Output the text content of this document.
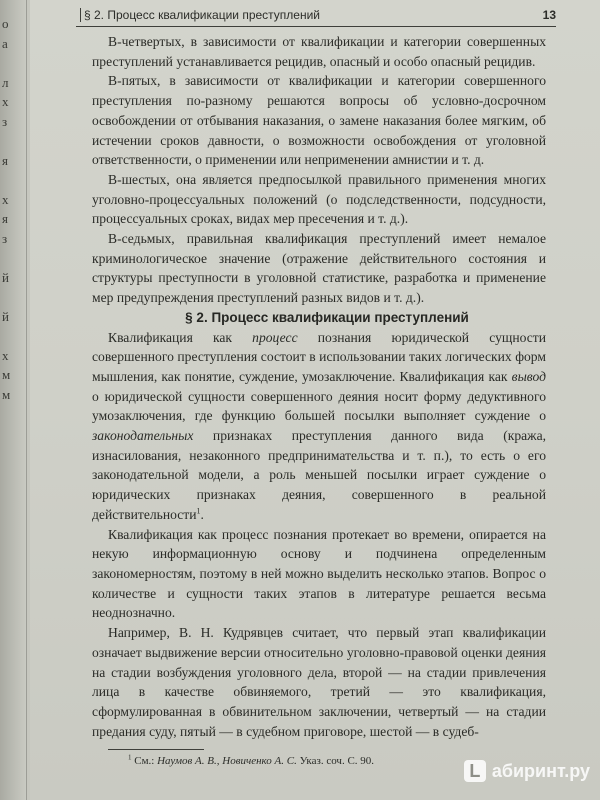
о
а
л
х
з
я
х
я
з
й
й
х
м
м
§ 2. Процесс квалификации преступлений	13

В-четвертых, в зависимости от квалификации и категории совершенных преступлений устанавливается рецидив, опасный и особо опасный рецидив.

В-пятых, в зависимости от квалификации и категории совершенного преступления по-разному решаются вопросы об условно-досрочном освобождении от отбывания наказания, о замене наказания более мягким, об истечении сроков давности, о возможности освобождения от уголовной ответственности, о применении или неприменении амнистии и т. д.

В-шестых, она является предпосылкой правильного применения многих уголовно-процессуальных положений (о подследственности, подсудности, процессуальных сроках, видах мер пресечения и т. д.).

В-седьмых, правильная квалификация преступлений имеет немалое криминологическое значение (отражение действительного состояния и структуры преступности в уголовной статистике, разработка и применение мер предупреждения преступлений разных видов и т. д.).

§ 2. Процесс квалификации преступлений

Квалификация как процесс познания юридической сущности совершенного преступления состоит в использовании таких логических форм мышления, как понятие, суждение, умозаключение. Квалификация как вывод о юридической сущности совершенного деяния носит форму дедуктивного умозаключения, где функцию большей посылки выполняет суждение о законодательных признаках преступления данного вида (кража, изнасилования, незаконного предпринимательства и т. п.), то есть о его законодательной модели, а роль меньшей посылки играет суждение о юридических признаках деяния, совершенного в реальной действительности$^1$.

Квалификация как процесс познания протекает во времени, опирается на некую информационную основу и подчинена определенным закономерностям, поэтому в ней можно выделить несколько этапов. Вопрос о количестве и сущности таких этапов в литературе решается весьма неоднозначно.

Например, В. Н. Кудрявцев считает, что первый этап квалификации означает выдвижение версии относительно уголовно-правовой оценки деяния на стадии возбуждения уголовного дела, второй — на стадии привлечения лица в качестве обвиняемого, третий — это квалификация, сформулированная в обвинительном заключении, четвертый — на стадии предания суду, пятый — в судебном приговоре, шестой — в судеб-

$^1$ См.: Наумов А. В., Новиченко А. С. Указ. соч. С. 90.	L абиринт.ру
